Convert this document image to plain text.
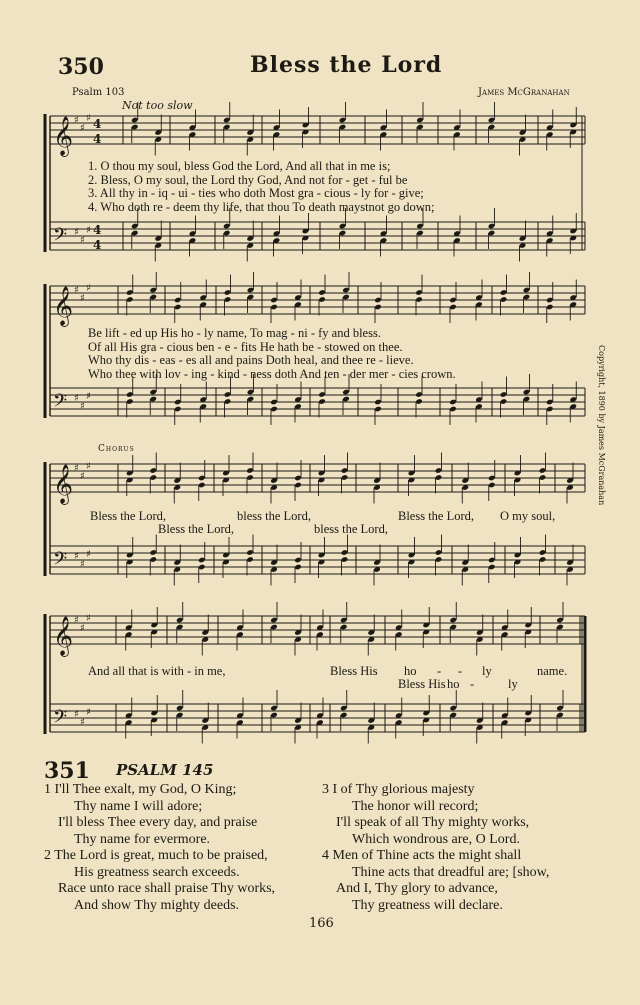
𝄞 ♯
♯
♯ 4
4
𝄢 ♯
♯
♯ 4
4
𝄞 ♯
♯
♯
𝄢 ♯
♯
♯
𝄞 ♯
♯
♯
𝄢 ♯
♯
♯
𝄞 ♯
♯
♯
𝄢 ♯
♯
♯
350	Bless the Lord
Psalm 103	James McGranahan
Not too slow
1. O thou my soul, bless God the Lord, And all that in me is;
2. Bless, O my soul, the Lord thy God, And not for - get - ful be
3. All thy in - iq - ui - ties who doth Most gra - cious - ly for - give;
4. Who doth re - deem thy life, that thou To death maystnot go down;
Be lift - ed up His ho - ly name, To mag - ni - fy and bless.
Of all His gra - cious ben - e - fits He hath be - stowed on thee.
Who thy dis - eas - es all and pains Doth heal, and thee re - lieve.
Who thee with lov - ing - kind - ness doth And ten - der mer - cies crown.	Copyright, 1890 by James McGranahan
Chorus
Bless the Lord,	bless the Lord,	Bless the Lord, O my soul,
Bless the Lord,	bless the Lord,
And all that is with - in me,	Bless His ho - - ly	name.
Bless His ho -	ly
351 PSALM 145
1 I'll Thee exalt, my God, O King;
Thy name I will adore;
I'll bless Thee every day, and praise
Thy name for evermore.
2 The Lord is great, much to be praised,
His greatness search exceeds.
Race unto race shall praise Thy works,
And show Thy mighty deeds.
3 I of Thy glorious majesty
The honor will record;
I'll speak of all Thy mighty works,
Which wondrous are, O Lord.
4 Men of Thine acts the might shall
Thine acts that dreadful are; [show,
And I, Thy glory to advance,
Thy greatness will declare.
166
